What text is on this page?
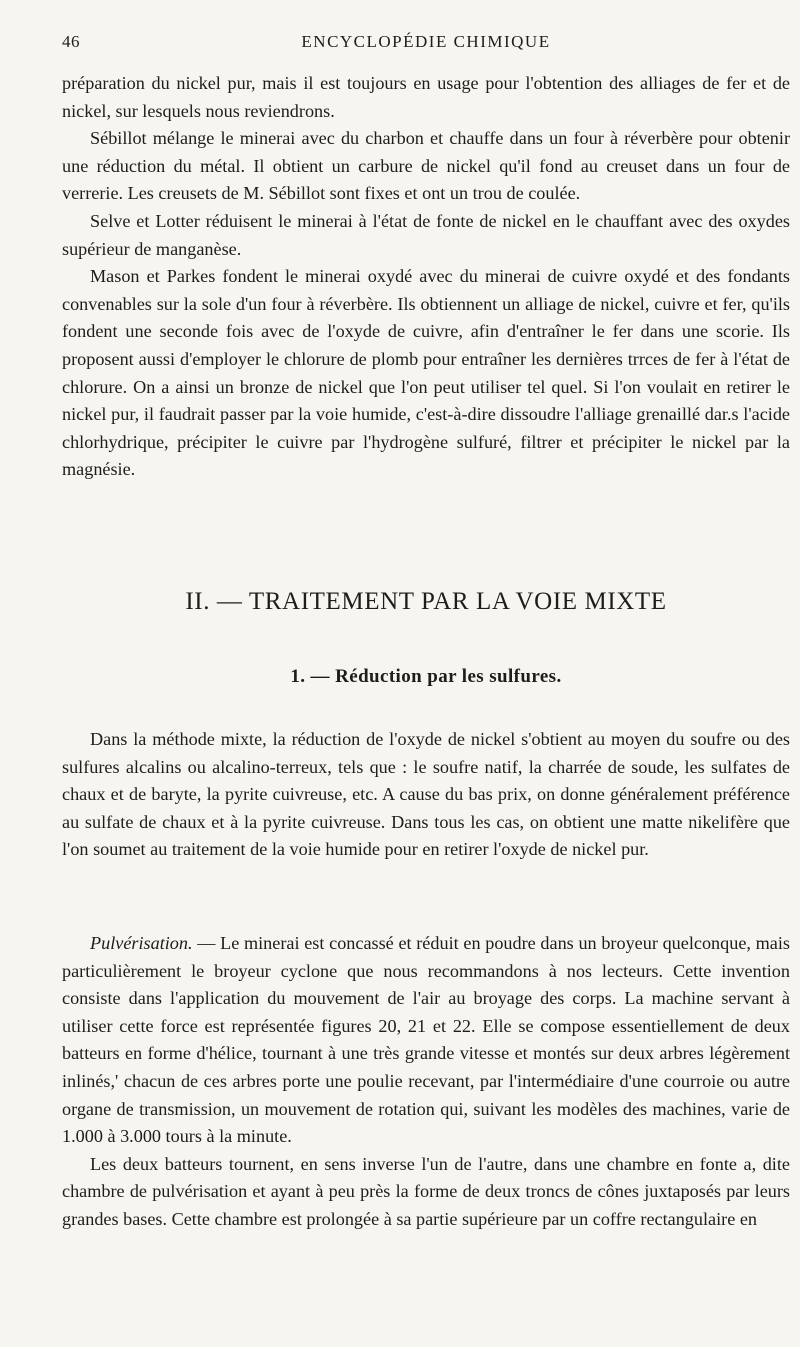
46	ENCYCLOPÉDIE CHIMIQUE

préparation du nickel pur, mais il est toujours en usage pour l'obtention des alliages de fer et de nickel, sur lesquels nous reviendrons.

Sébillot mélange le minerai avec du charbon et chauffe dans un four à réverbère pour obtenir une réduction du métal. Il obtient un carbure de nickel qu'il fond au creuset dans un four de verrerie. Les creusets de M. Sébillot sont fixes et ont un trou de coulée.

Selve et Lotter réduisent le minerai à l'état de fonte de nickel en le chauffant avec des oxydes supérieur de manganèse.

Mason et Parkes fondent le minerai oxydé avec du minerai de cuivre oxydé et des fondants convenables sur la sole d'un four à réverbère. Ils obtiennent un alliage de nickel, cuivre et fer, qu'ils fondent une seconde fois avec de l'oxyde de cuivre, afin d'entraîner le fer dans une scorie. Ils proposent aussi d'employer le chlorure de plomb pour entraîner les dernières trrces de fer à l'état de chlorure. On a ainsi un bronze de nickel que l'on peut utiliser tel quel. Si l'on voulait en retirer le nickel pur, il faudrait passer par la voie humide, c'est-à-dire dissoudre l'alliage grenaillé dar.s l'acide chlorhydrique, précipiter le cuivre par l'hydrogène sulfuré, filtrer et précipiter le nickel par la magnésie.

II. — TRAITEMENT PAR LA VOIE MIXTE
1. — Réduction par les sulfures.

Dans la méthode mixte, la réduction de l'oxyde de nickel s'obtient au moyen du soufre ou des sulfures alcalins ou alcalino-terreux, tels que : le soufre natif, la charrée de soude, les sulfates de chaux et de baryte, la pyrite cuivreuse, etc. A cause du bas prix, on donne généralement préférence au sulfate de chaux et à la pyrite cuivreuse. Dans tous les cas, on obtient une matte nikelifère que l'on soumet au traitement de la voie humide pour en retirer l'oxyde de nickel pur.

Pulvérisation. — Le minerai est concassé et réduit en poudre dans un broyeur quelconque, mais particulièrement le broyeur cyclone que nous recommandons à nos lecteurs. Cette invention consiste dans l'application du mouvement de l'air au broyage des corps. La machine servant à utiliser cette force est représentée figures 20, 21 et 22. Elle se compose essentiellement de deux batteurs en forme d'hélice, tournant à une très grande vitesse et montés sur deux arbres légèrement inlinés,' chacun de ces arbres porte une poulie recevant, par l'intermédiaire d'une courroie ou autre organe de transmission, un mouvement de rotation qui, suivant les modèles des machines, varie de 1.000 à 3.000 tours à la minute.

Les deux batteurs tournent, en sens inverse l'un de l'autre, dans une chambre en fonte a, dite chambre de pulvérisation et ayant à peu près la forme de deux troncs de cônes juxtaposés par leurs grandes bases. Cette chambre est prolongée à sa partie supérieure par un coffre rectangulaire en
